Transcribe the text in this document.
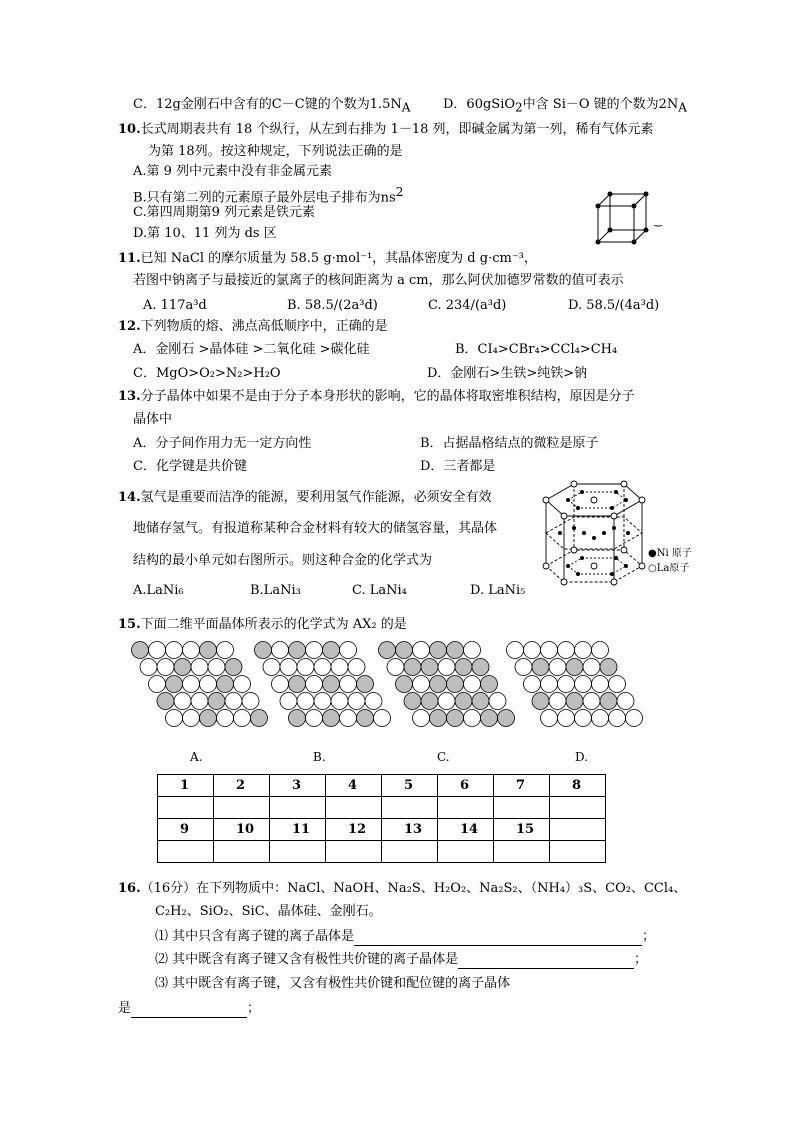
C．12g金刚石中含有的C－C键的个数为$1.5N_A$	D．60gSiO$_2$中含 Si－O 键的个数为$2N_A$
10.长式周期表共有 18 个纵行，从左到右排为 1－18 列，即碱金属为第一列，稀有气体元素
为第 18列。按这种规定，下列说法正确的是
A.第 9 列中元素中没有非金属元素
B.只有第二列的元素原子最外层电子排布为$ns^2$
C.第四周期第9 列元素是铁元素
D.第 10、11 列为 ds 区
‿
11.已知 NaCl 的摩尔质量为 58.5 g·mol⁻¹，其晶体密度为 d g·cm⁻³，
若图中钠离子与最接近的氯离子的核间距离为 a cm，那么阿伏加德罗常数的值可表示
A. 117a³d	B. 58.5/(2a³d)	C. 234/(a³d)	D. 58.5/(4a³d)
12.下列物质的熔、沸点高低顺序中，正确的是
A．金刚石 >晶体硅 >二氧化硅 >碳化硅	B．CI₄>CBr₄>CCl₄>CH₄
C．MgO>O₂>N₂>H₂O	D．金刚石>生铁>纯铁>钠
13.分子晶体中如果不是由于分子本身形状的影响，它的晶体将取密堆积结构，原因是分子
晶体中
A．分子间作用力无一定方向性	B．占据晶格结点的微粒是原子
C．化学键是共价键	D．三者都是
14.氢气是重要而洁净的能源，要利用氢气作能源，必须安全有效
地储存氢气。有报道称某种合金材料有较大的储氢容量，其晶体
结构的最小单元如右图所示。则这种合金的化学式为
A.LaNi₆	B.LaNi₃	C. LaNi₄	D. LaNi₅
●Ni 原子
○La原子
15.下面二维平面晶体所表示的化学式为 AX₂ 的是
A.	B.	C.	D.
1	2	3	4	5	6	7	8

9	10	11	12	13	14	15	

16.（16分）在下列物质中：NaCl、NaOH、Na₂S、H₂O₂、Na₂S₂、（NH₄）₃S、CO₂、CCl₄、
C₂H₂、SiO₂、SiC、晶体硅、金刚石。
⑴ 其中只含有离子键的离子晶体是	；
⑵ 其中既含有离子键又含有极性共价键的离子晶体是	；
⑶ 其中既含有离子键，又含有极性共价键和配位键的离子晶体
是	；
